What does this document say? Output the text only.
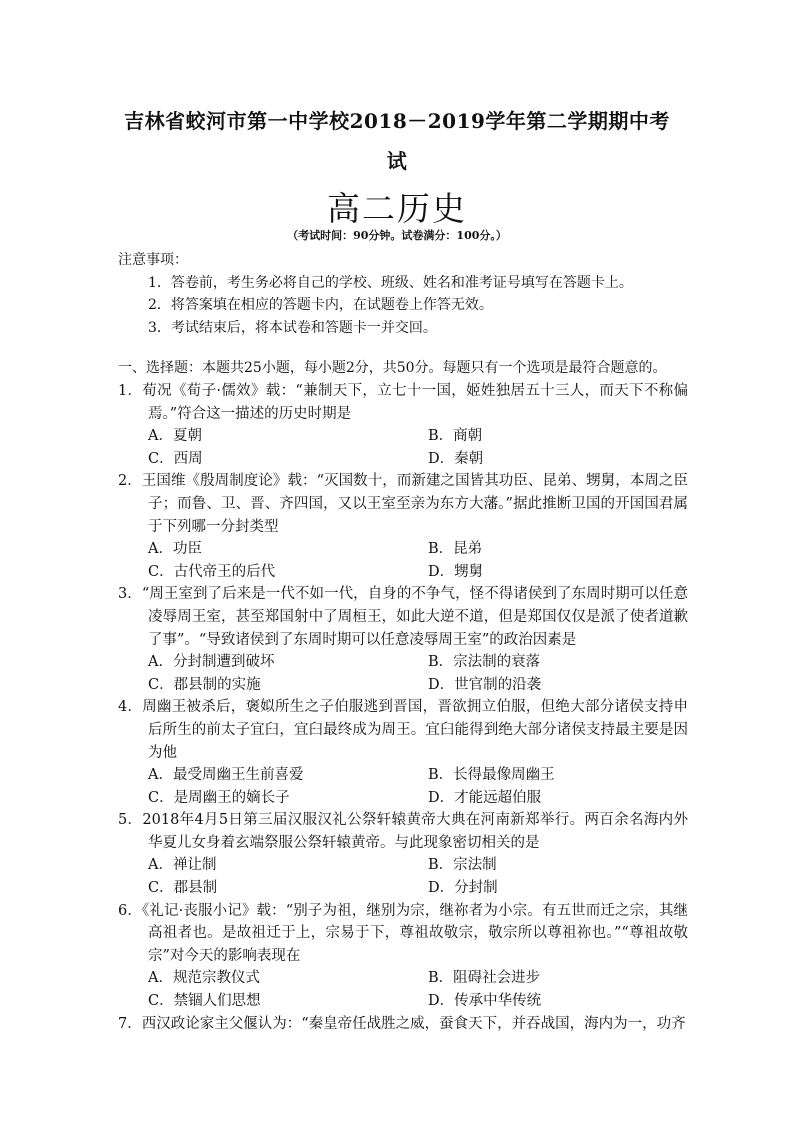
吉林省蛟河市第一中学校2018－2019学年第二学期期中考
试
高二历史
（考试时间：90分钟。试卷满分：100分。）
注意事项：
1．答卷前，考生务必将自己的学校、班级、姓名和准考证号填写在答题卡上。
2．将答案填在相应的答题卡内，在试题卷上作答无效。
3．考试结束后，将本试卷和答题卡一并交回。
一、选择题：本题共25小题，每小题2分，共50分。每题只有一个选项是最符合题意的。
1．荀况《荀子·儒效》载：“兼制天下，立七十一国，姬姓独居五十三人，而天下不称偏焉。”符合这一描述的历史时期是
A．夏朝	B．商朝
C．西周	D．秦朝
2．王国维《殷周制度论》载：“灭国数十，而新建之国皆其功臣、昆弟、甥舅，本周之臣子；而鲁、卫、晋、齐四国，又以王室至亲为东方大藩。”据此推断卫国的开国国君属于下列哪一分封类型
A．功臣	B．昆弟
C．古代帝王的后代	D．甥舅
3．“周王室到了后来是一代不如一代，自身的不争气，怪不得诸侯到了东周时期可以任意凌辱周王室，甚至郑国射中了周桓王，如此大逆不道，但是郑国仅仅是派了使者道歉了事”。“导致诸侯到了东周时期可以任意凌辱周王室”的政治因素是
A．分封制遭到破坏	B．宗法制的衰落
C．郡县制的实施	D．世官制的沿袭
4．周幽王被杀后，褒姒所生之子伯服逃到晋国，晋欲拥立伯服，但绝大部分诸侯支持申后所生的前太子宜臼，宜臼最终成为周王。宜臼能得到绝大部分诸侯支持最主要是因为他
A．最受周幽王生前喜爱	B．长得最像周幽王
C．是周幽王的嫡长子	D．才能远超伯服
5．2018年4月5日第三届汉服汉礼公祭轩辕黄帝大典在河南新郑举行。两百余名海内外华夏儿女身着玄端祭服公祭轩辕黄帝。与此现象密切相关的是
A．禅让制	B．宗法制
C．郡县制	D．分封制
6．《礼记·丧服小记》载：“别子为祖，继别为宗，继祢者为小宗。有五世而迁之宗，其继高祖者也。是故祖迁于上，宗易于下，尊祖故敬宗，敬宗所以尊祖祢也。”“尊祖故敬宗”对今天的影响表现在
A．规范宗教仪式	B．阻碍社会进步
C．禁锢人们思想	D．传承中华传统
7．西汉政论家主父偃认为：“秦皇帝任战胜之威，蚕食天下，并吞战国，海内为一，功齐
